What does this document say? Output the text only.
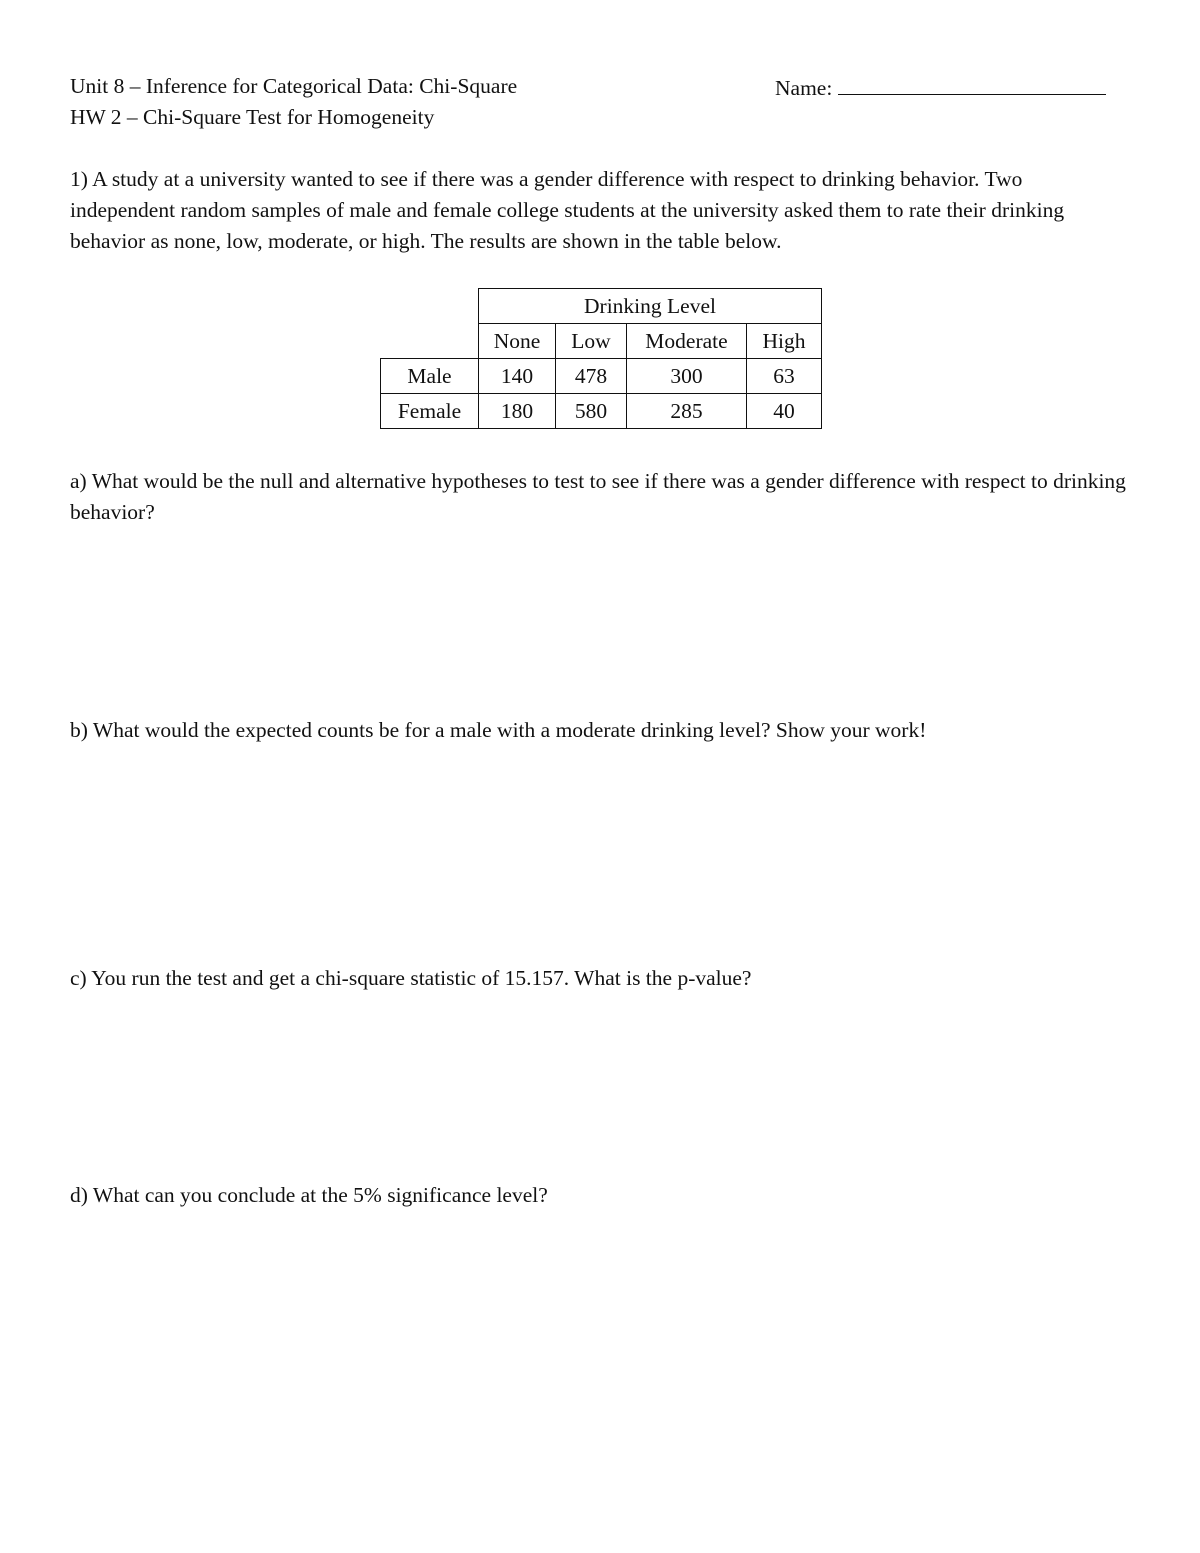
Unit 8 – Inference for Categorical Data: Chi-Square
HW 2 – Chi-Square Test for Homogeneity
Name:
1) A study at a university wanted to see if there was a gender difference with respect to drinking behavior. Two independent random samples of male and female college students at the university asked them to rate their drinking behavior as none, low, moderate, or high. The results are shown in the table below.
	Drinking Level			
	None	Low	Moderate	High
Male	140	478	300	63
Female	180	580	285	40
a) What would be the null and alternative hypotheses to test to see if there was a gender difference with respect to drinking behavior?
b) What would the expected counts be for a male with a moderate drinking level? Show your work!
c) You run the test and get a chi-square statistic of 15.157. What is the p-value?
d) What can you conclude at the 5% significance level?
